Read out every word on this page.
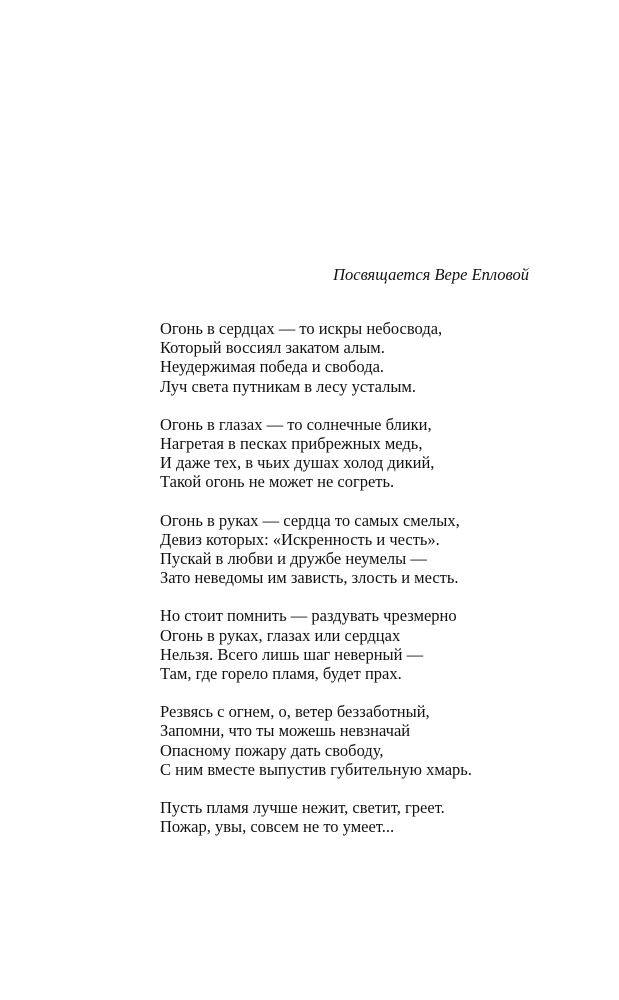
Посвящается Вере Епловой

Огонь в сердцах — то искры небосвода,
Который воссиял закатом алым.
Неудержимая победа и свобода.
Луч света путникам в лесу усталым.
Огонь в глазах — то солнечные блики,
Нагретая в песках прибрежных медь,
И даже тех, в чьих душах холод дикий,
Такой огонь не может не согреть.
Огонь в руках — сердца то самых смелых,
Девиз которых: «Искренность и честь».
Пускай в любви и дружбе неумелы —
Зато неведомы им зависть, злость и месть.
Но стоит помнить — раздувать чрезмерно
Огонь в руках, глазах или сердцах
Нельзя. Всего лишь шаг неверный —
Там, где горело пламя, будет прах.
Резвясь с огнем, о, ветер беззаботный,
Запомни, что ты можешь невзначай
Опасному пожару дать свободу,
С ним вместе выпустив губительную хмарь.
Пусть пламя лучше нежит, светит, греет.
Пожар, увы, совсем не то умеет...
